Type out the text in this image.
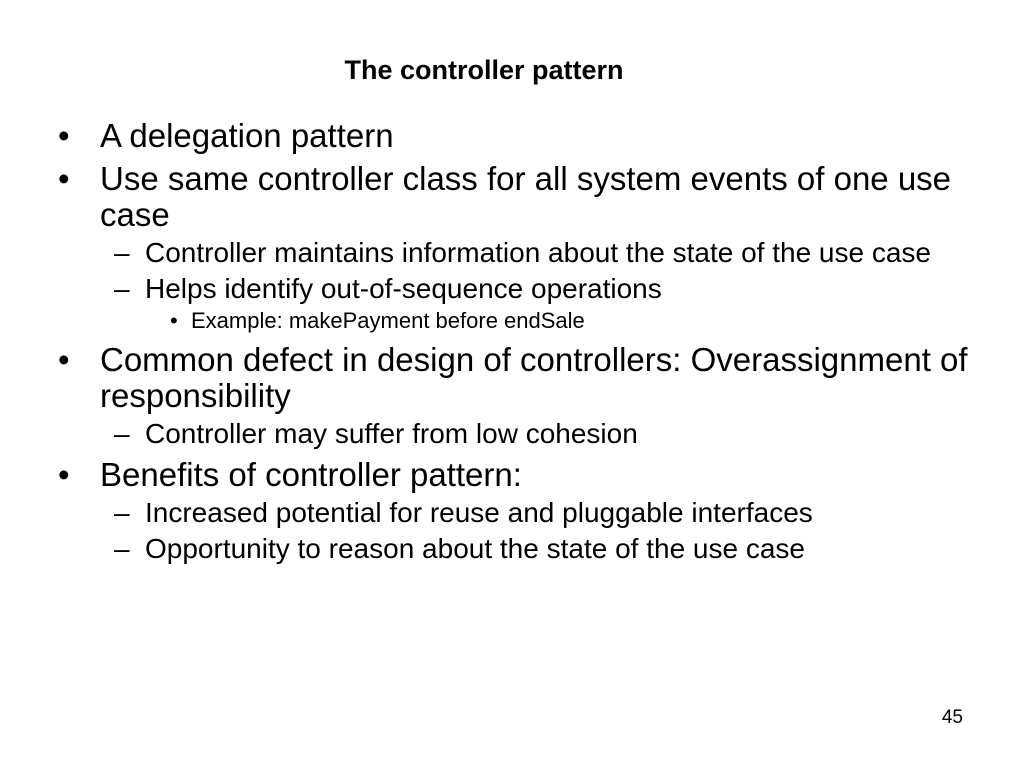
The controller pattern
• A delegation pattern
• Use same controller class for all system events of one use case
– Controller maintains information about the state of the use case
– Helps identify out-of-sequence operations
• Example: makePayment before endSale
• Common defect in design of controllers: Overassignment of responsibility
– Controller may suffer from low cohesion
• Benefits of controller pattern:
– Increased potential for reuse and pluggable interfaces
– Opportunity to reason about the state of the use case
45
